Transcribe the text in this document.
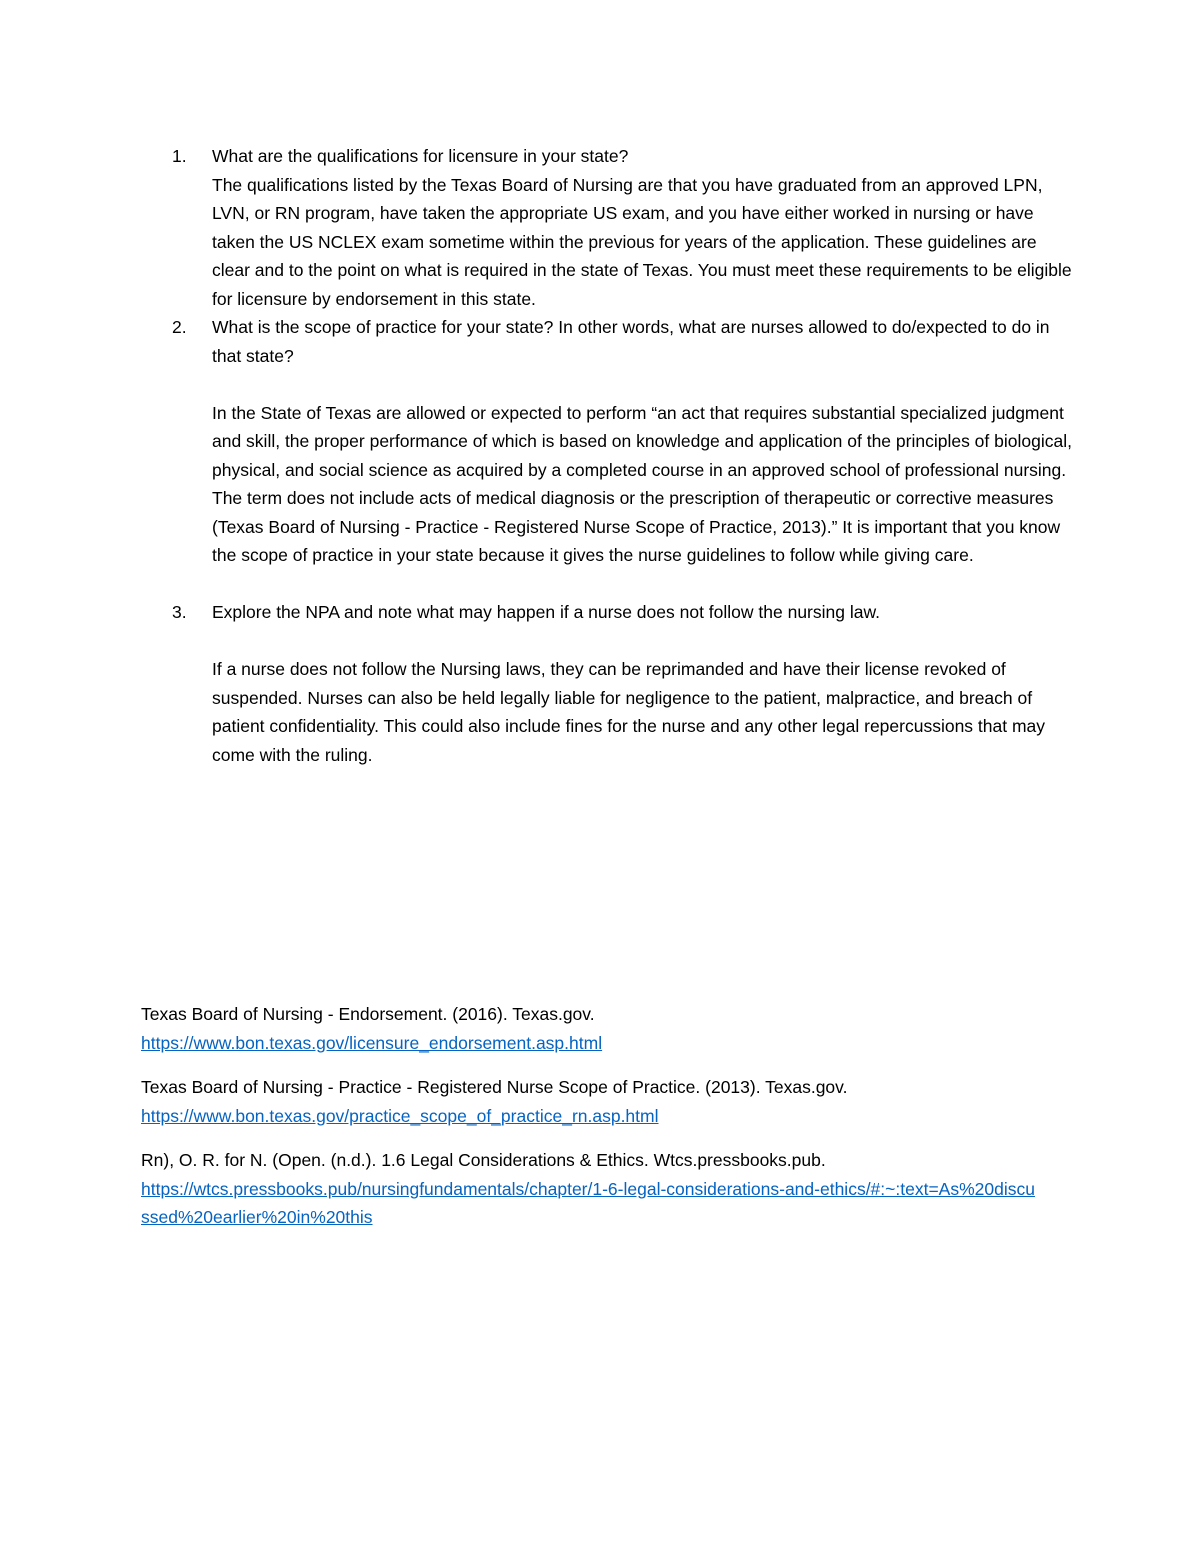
1. What are the qualifications for licensure in your state?

The qualifications listed by the Texas Board of Nursing are that you have graduated from an approved LPN, LVN, or RN program, have taken the appropriate US exam, and you have either worked in nursing or have taken the US NCLEX exam sometime within the previous for years of the application. These guidelines are clear and to the point on what is required in the state of Texas. You must meet these requirements to be eligible for licensure by endorsement in this state.

2. What is the scope of practice for your state? In other words, what are nurses allowed to do/expected to do in that state?

In the State of Texas are allowed or expected to perform “an act that requires substantial specialized judgment and skill, the proper performance of which is based on knowledge and application of the principles of biological, physical, and social science as acquired by a completed course in an approved school of professional nursing. The term does not include acts of medical diagnosis or the prescription of therapeutic or corrective measures (Texas Board of Nursing - Practice - Registered Nurse Scope of Practice, 2013).” It is important that you know the scope of practice in your state because it gives the nurse guidelines to follow while giving care.

3. Explore the NPA and note what may happen if a nurse does not follow the nursing law.

If a nurse does not follow the Nursing laws, they can be reprimanded and have their license revoked of suspended. Nurses can also be held legally liable for negligence to the patient, malpractice, and breach of patient confidentiality. This could also include fines for the nurse and any other legal repercussions that may come with the ruling.

Texas Board of Nursing - Endorsement. (2016). Texas.gov.
https://www.bon.texas.gov/licensure_endorsement.asp.html

Texas Board of Nursing - Practice - Registered Nurse Scope of Practice. (2013). Texas.gov.
https://www.bon.texas.gov/practice_scope_of_practice_rn.asp.html

Rn), O. R. for N. (Open. (n.d.). 1.6 Legal Considerations & Ethics. Wtcs.pressbooks.pub.
https://wtcs.pressbooks.pub/nursingfundamentals/chapter/1-6-legal-considerations-and-ethics/#:~:text=As%20discussed%20earlier%20in%20this
